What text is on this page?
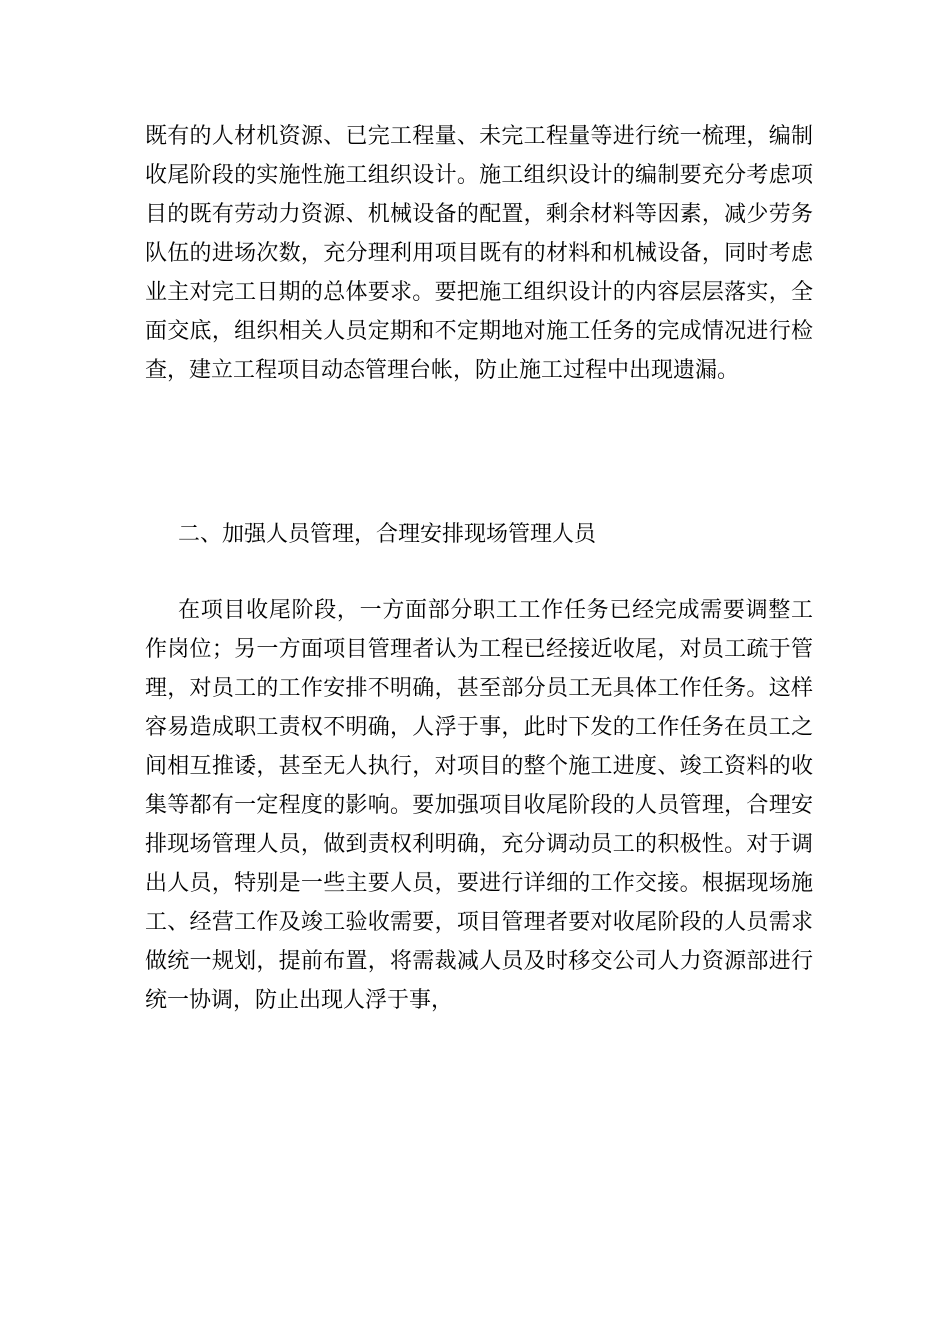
既有的人材机资源、已完工程量、未完工程量等进行统一梳理，编制收尾阶段的实施性施工组织设计。施工组织设计的编制要充分考虑项目的既有劳动力资源、机械设备的配置，剩余材料等因素，减少劳务队伍的进场次数，充分理利用项目既有的材料和机械设备，同时考虑业主对完工日期的总体要求。要把施工组织设计的内容层层落实，全面交底，组织相关人员定期和不定期地对施工任务的完成情况进行检查，建立工程项目动态管理台帐，防止施工过程中出现遗漏。

二、加强人员管理，合理安排现场管理人员

在项目收尾阶段，一方面部分职工工作任务已经完成需要调整工作岗位；另一方面项目管理者认为工程已经接近收尾，对员工疏于管理，对员工的工作安排不明确，甚至部分员工无具体工作任务。这样容易造成职工责权不明确，人浮于事，此时下发的工作任务在员工之间相互推诿，甚至无人执行，对项目的整个施工进度、竣工资料的收集等都有一定程度的影响。要加强项目收尾阶段的人员管理，合理安排现场管理人员，做到责权利明确，充分调动员工的积极性。对于调出人员，特别是一些主要人员，要进行详细的工作交接。根据现场施工、经营工作及竣工验收需要，项目管理者要对收尾阶段的人员需求做统一规划，提前布置，将需裁减人员及时移交公司人力资源部进行统一协调，防止出现人浮于事，
